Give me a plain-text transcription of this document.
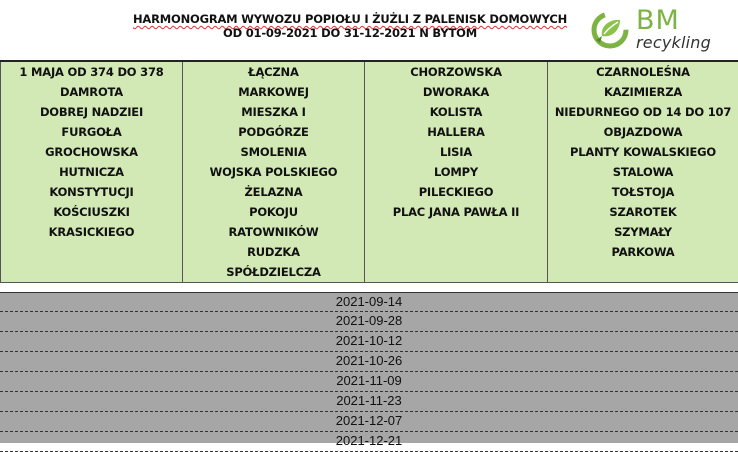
HARMONOGRAM WYWOZU POPIOŁU I ŻUŻLI Z PALENISK DOMOWYCH
OD 01-09-2021 DO 31-12-2021 N BYTOM	BM
recykling
1 MAJA OD 374 DO 378	ŁĄCZNA	CHORZOWSKA	CZARNOLEŚNA
DAMROTA	MARKOWEJ	DWORAKA	KAZIMIERZA
DOBREJ NADZIEI	MIESZKA I	KOLISTA	NIEDURNEGO OD 14 DO 107
FURGOŁA	PODGÓRZE	HALLERA	OBJAZDOWA
GROCHOWSKA	SMOLENIA	LISIA	PLANTY KOWALSKIEGO
HUTNICZA	WOJSKA POLSKIEGO	LOMPY	STALOWA
KONSTYTUCJI	ŻELAZNA	PILECKIEGO	TOŁSTOJA
KOŚCIUSZKI	POKOJU	PLAC JANA PAWŁA II	SZAROTEK
KRASICKIEGO	RATOWNIKÓW		SZYMAŁY
	RUDZKA		PARKOWA
	SPÓŁDZIELCZA		
2021-09-14
2021-09-28
2021-10-12
2021-10-26
2021-11-09
2021-11-23
2021-12-07
2021-12-21
